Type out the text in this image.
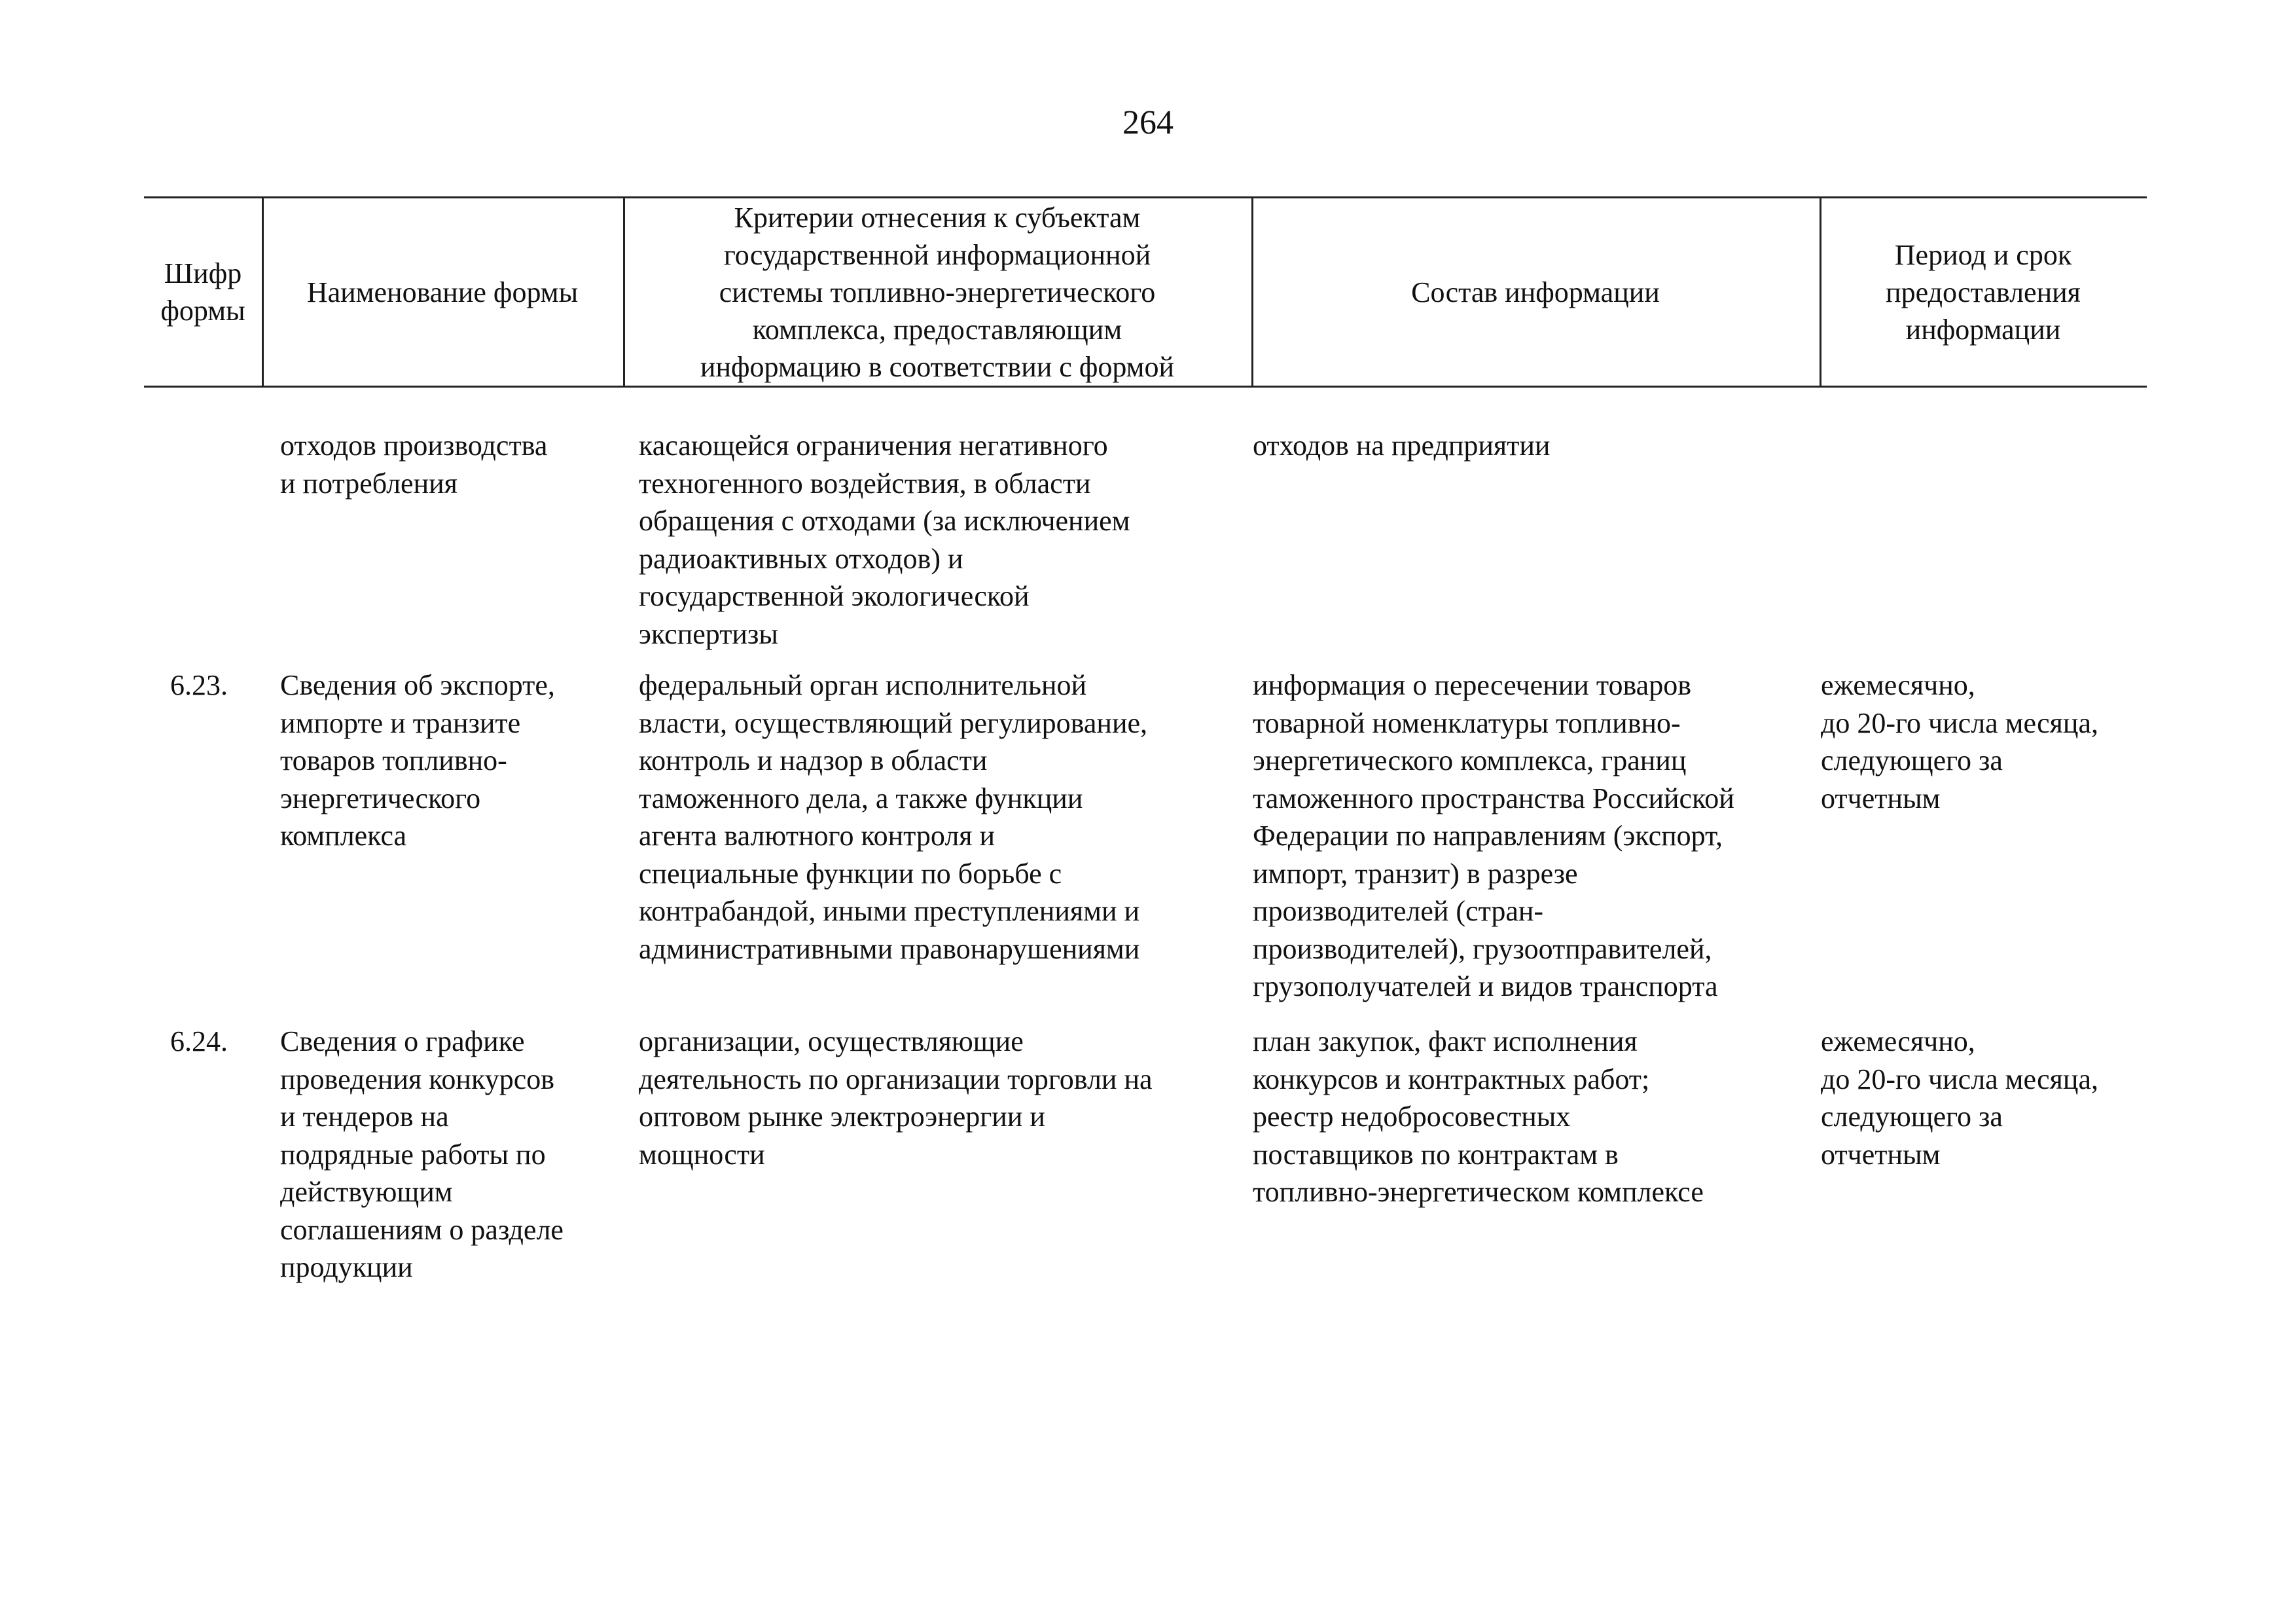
264
Шифр
формы
Наименование формы
Критерии отнесения к субъектам
государственной информационной
системы топливно-энергетического
комплекса, предоставляющим
информацию в соответствии с формой
Состав информации
Период и срок
предоставления
информации
отходов производства
и потребления
касающейся ограничения негативного
техногенного воздействия, в области
обращения с отходами (за исключением
радиоактивных отходов) и
государственной экологической
экспертизы
отходов на предприятии
6.23.	Сведения об экспорте,
импорте и транзите
товаров топливно-
энергетического
комплекса
федеральный орган исполнительной
власти, осуществляющий регулирование,
контроль и надзор в области
таможенного дела, а также функции
агента валютного контроля и
специальные функции по борьбе с
контрабандой, иными преступлениями и
административными правонарушениями
информация о пересечении товаров
товарной номенклатуры топливно-
энергетического комплекса, границ
таможенного пространства Российской
Федерации по направлениям (экспорт,
импорт, транзит) в разрезе
производителей (стран-
производителей), грузоотправителей,
грузополучателей и видов транспорта
ежемесячно,
до 20-го числа месяца,
следующего за
отчетным
6.24.	Сведения о графике
проведения конкурсов
и тендеров на
подрядные работы по
действующим
соглашениям о разделе
продукции
организации, осуществляющие
деятельность по организации торговли на
оптовом рынке электроэнергии и
мощности
план закупок, факт исполнения
конкурсов и контрактных работ;
реестр недобросовестных
поставщиков по контрактам в
топливно-энергетическом комплексе
ежемесячно,
до 20-го числа месяца,
следующего за
отчетным
